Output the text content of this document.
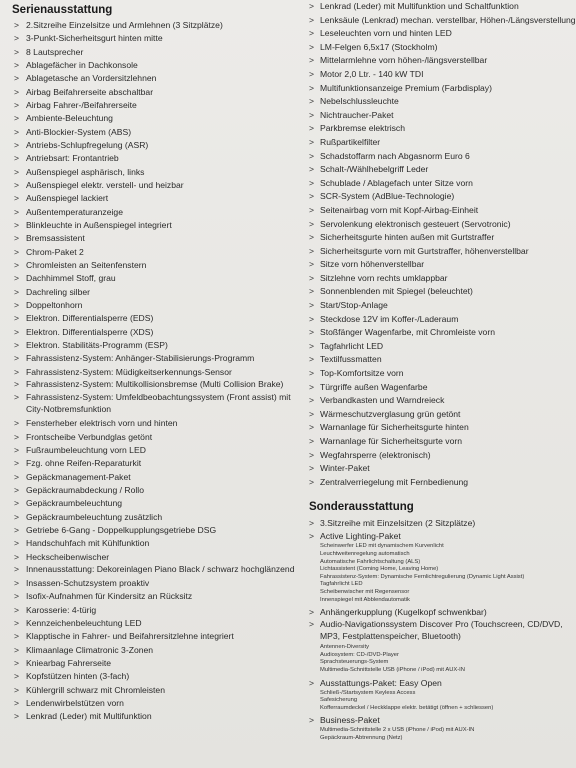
Serienausstattung
> 2.Sitzreihe Einzelsitze und Armlehnen (3 Sitzplätze)
> 3-Punkt-Sicherheitsgurt hinten mitte
> 8 Lautsprecher
> Ablagefächer in Dachkonsole
> Ablagetasche an Vordersitzlehnen
> Airbag Beifahrerseite abschaltbar
> Airbag Fahrer-/Beifahrerseite
> Ambiente-Beleuchtung
> Anti-Blockier-System (ABS)
> Antriebs-Schlupfregelung (ASR)
> Antriebsart: Frontantrieb
> Außenspiegel asphärisch, links
> Außenspiegel elektr. verstell- und heizbar
> Außenspiegel lackiert
> Außentemperaturanzeige
> Blinkleuchte in Außenspiegel integriert
> Bremsassistent
> Chrom-Paket 2
> Chromleisten an Seitenfenstern
> Dachhimmel Stoff, grau
> Dachreling silber
> Doppeltonhorn
> Elektron. Differentialsperre (EDS)
> Elektron. Differentialsperre (XDS)
> Elektron. Stabilitäts-Programm (ESP)
> Fahrassistenz-System: Anhänger-Stabilisierungs-Programm
> Fahrassistenz-System: Müdigkeitserkennungs-Sensor
> Fahrassistenz-System: Multikollisionsbremse (Multi Collision Brake)
> Fahrassistenz-System: Umfeldbeobachtungssystem (Front assist) mit City-Notbremsfunktion
> Fensterheber elektrisch vorn und hinten
> Frontscheibe Verbundglas getönt
> Fußraumbeleuchtung vorn LED
> Fzg. ohne Reifen-Reparaturkit
> Gepäckmanagement-Paket
> Gepäckraumabdeckung / Rollo
> Gepäckraumbeleuchtung
> Gepäckraumbeleuchtung zusätzlich
> Getriebe 6-Gang - Doppelkupplungsgetriebe DSG
> Handschuhfach mit Kühlfunktion
> Heckscheibenwischer
> Innenausstattung: Dekoreinlagen Piano Black / schwarz hochglänzend
> Insassen-Schutzsystem proaktiv
> Isofix-Aufnahmen für Kindersitz an Rücksitz
> Karosserie: 4-türig
> Kennzeichenbeleuchtung LED
> Klapptische in Fahrer- und Beifahrersitzlehne integriert
> Klimaanlage Climatronic 3-Zonen
> Kniearbag Fahrerseite
> Kopfstützen hinten (3-fach)
> Kühlergrill schwarz mit Chromleisten
> Lendenwirbelstützen vorn
> Lenkrad (Leder) mit Multifunktion
> Lenkrad (Leder) mit Multifunktion und Schaltfunktion
> Lenksäule (Lenkrad) mechan. verstellbar, Höhen-/Längsverstellung
> Leseleuchten vorn und hinten LED
> LM-Felgen 6,5x17 (Stockholm)
> Mittelarmlehne vorn höhen-/längsverstellbar
> Motor 2,0 Ltr. - 140 kW TDI
> Multifunktionsanzeige Premium (Farbdisplay)
> Nebelschlussleuchte
> Nichtraucher-Paket
> Parkbremse elektrisch
> Rußpartikelfilter
> Schadstoffarm nach Abgasnorm Euro 6
> Schalt-/Wählhebelgriff Leder
> Schublade / Ablagefach unter Sitze vorn
> SCR-System (AdBlue-Technologie)
> Seitenairbag vorn mit Kopf-Airbag-Einheit
> Servolenkung elektronisch gesteuert (Servotronic)
> Sicherheitsgurte hinten außen mit Gurtstraffer
> Sicherheitsgurte vorn mit Gurtstraffer, höhenverstellbar
> Sitze vorn höhenverstellbar
> Sitzlehne vorn rechts umklappbar
> Sonnenblenden mit Spiegel (beleuchtet)
> Start/Stop-Anlage
> Steckdose 12V im Koffer-/Laderaum
> Stoßfänger Wagenfarbe, mit Chromleiste vorn
> Tagfahrlicht LED
> Textilfussmatten
> Top-Komfortsitze vorn
> Türgriffe außen Wagenfarbe
> Verbandkasten und Warndreieck
> Wärmeschutzverglasung grün getönt
> Warnanlage für Sicherheitsgurte hinten
> Warnanlage für Sicherheitsgurte vorn
> Wegfahrsperre (elektronisch)
> Winter-Paket
> Zentralverriegelung mit Fernbedienung
Sonderausstattung
> 3.Sitzreihe mit Einzelsitzen (2 Sitzplätze)
> Active Lighting-Paket
Scheinwerfer LED mit dynamischem Kurvenlicht
Leuchtweitenregelung automatisch
Automatische Fahrlichtschaltung (ALS)
Lichtassistent (Coming Home, Leaving Home)
Fahrassistenz-System: Dynamische Fernlichtregulierung (Dynamic Light Assist)
Tagfahrlicht LED
Scheibenwischer mit Regensensor
Innenspiegel mit Abblendautomatik
> Anhängerkupplung (Kugelkopf schwenkbar)
> Audio-Navigationssystem Discover Pro (Touchscreen, CD/DVD, MP3, Festplattenspeicher, Bluetooth)
Antennen-Diversity
Audiosystem: CD-/DVD-Player
Sprachsteuerungs-System
Multimedia-Schnittstelle USB (iPhone / iPod) mit AUX-IN
> Ausstattungs-Paket: Easy Open
Schließ-/Startsystem Keyless Access
Safesicherung
Kofferraumdeckel / Heckklappe elektr. betätigt (öffnen + schliessen)
> Business-Paket
Multimedia-Schnittstelle 2 x USB (iPhone / iPod) mit AUX-IN
Gepäckraum-Abtrennung (Netz)
